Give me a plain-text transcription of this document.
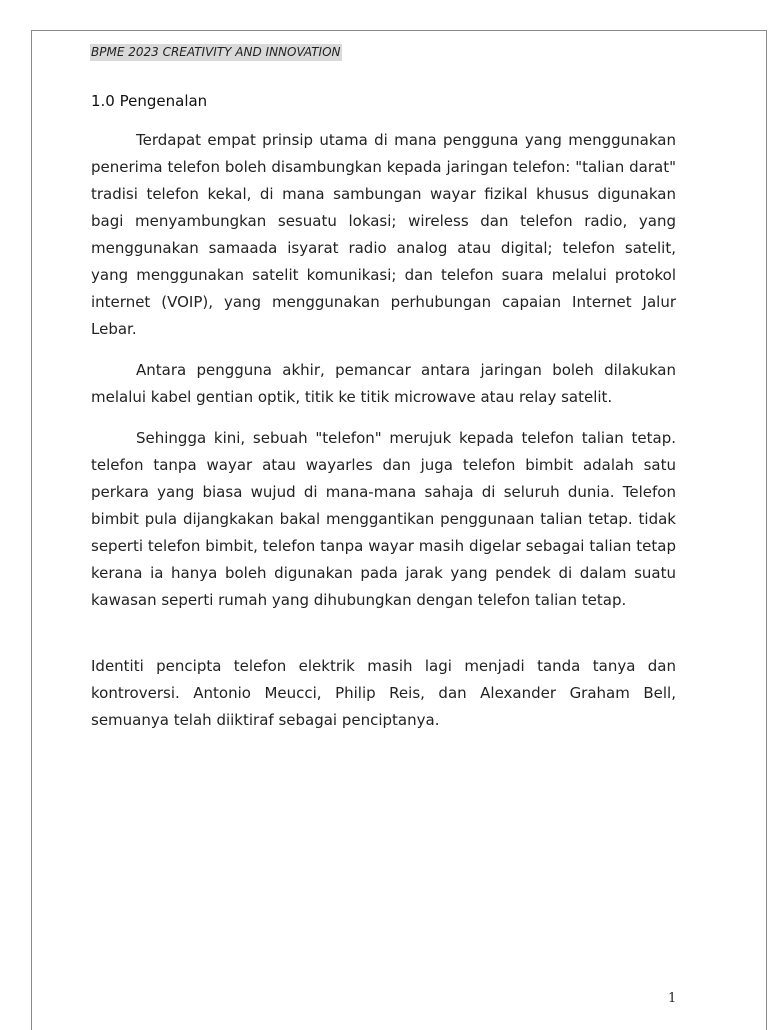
BPME 2023 CREATIVITY AND INNOVATION
1.0 Pengenalan

Terdapat empat prinsip utama di mana pengguna yang menggunakan penerima telefon boleh disambungkan kepada jaringan telefon: "talian darat" tradisi telefon kekal, di mana sambungan wayar fizikal khusus digunakan bagi menyambungkan sesuatu lokasi; wireless dan telefon radio, yang menggunakan samaada isyarat radio analog atau digital; telefon satelit, yang menggunakan satelit komunikasi; dan telefon suara melalui protokol internet (VOIP), yang menggunakan perhubungan capaian Internet Jalur Lebar.

Antara pengguna akhir, pemancar antara jaringan boleh dilakukan melalui kabel gentian optik, titik ke titik microwave atau relay satelit.

Sehingga kini, sebuah "telefon" merujuk kepada telefon talian tetap. telefon tanpa wayar atau wayarles dan juga telefon bimbit adalah satu perkara yang biasa wujud di mana-mana sahaja di seluruh dunia. Telefon bimbit pula dijangkakan bakal menggantikan penggunaan talian tetap. tidak seperti telefon bimbit, telefon tanpa wayar masih digelar sebagai talian tetap kerana ia hanya boleh digunakan pada jarak yang pendek di dalam suatu kawasan seperti rumah yang dihubungkan dengan telefon talian tetap.

Identiti pencipta telefon elektrik masih lagi menjadi tanda tanya dan kontroversi. Antonio Meucci, Philip Reis, dan Alexander Graham Bell, semuanya telah diiktiraf sebagai penciptanya.

1
